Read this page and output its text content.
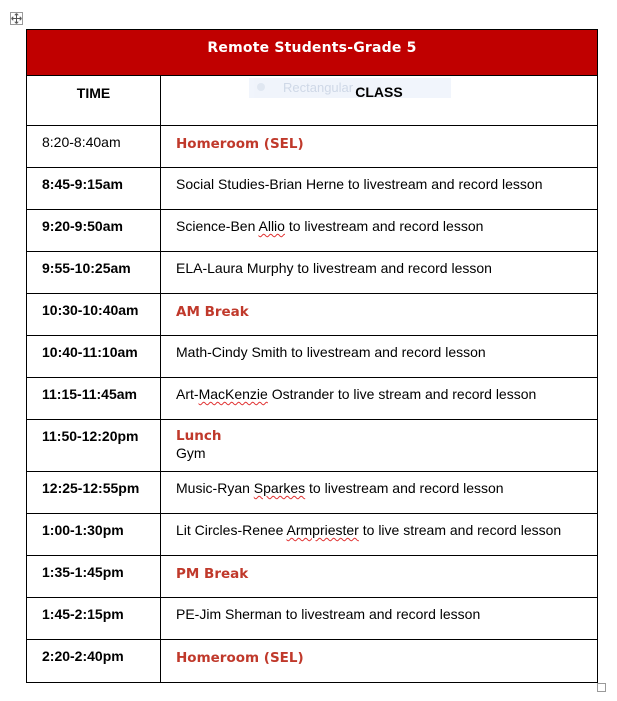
Remote Students-Grade 5	
TIME	Rectangular CLASS
8:20-8:40am	Homeroom (SEL)
8:45-9:15am	Social Studies-Brian Herne to livestream and record lesson
9:20-9:50am	Science-Ben Allio to livestream and record lesson
9:55-10:25am	ELA-Laura Murphy to livestream and record lesson
10:30-10:40am	AM Break
10:40-11:10am	Math-Cindy Smith to livestream and record lesson
11:15-11:45am	Art-MacKenzie Ostrander to live stream and record lesson
11:50-12:20pm	Lunch
Gym

12:25-12:55pm	Music-Ryan Sparkes to livestream and record lesson
1:00-1:30pm	Lit Circles-Renee Armpriester to live stream and record lesson
1:35-1:45pm	PM Break
1:45-2:15pm	PE-Jim Sherman to livestream and record lesson
2:20-2:40pm	Homeroom (SEL)
